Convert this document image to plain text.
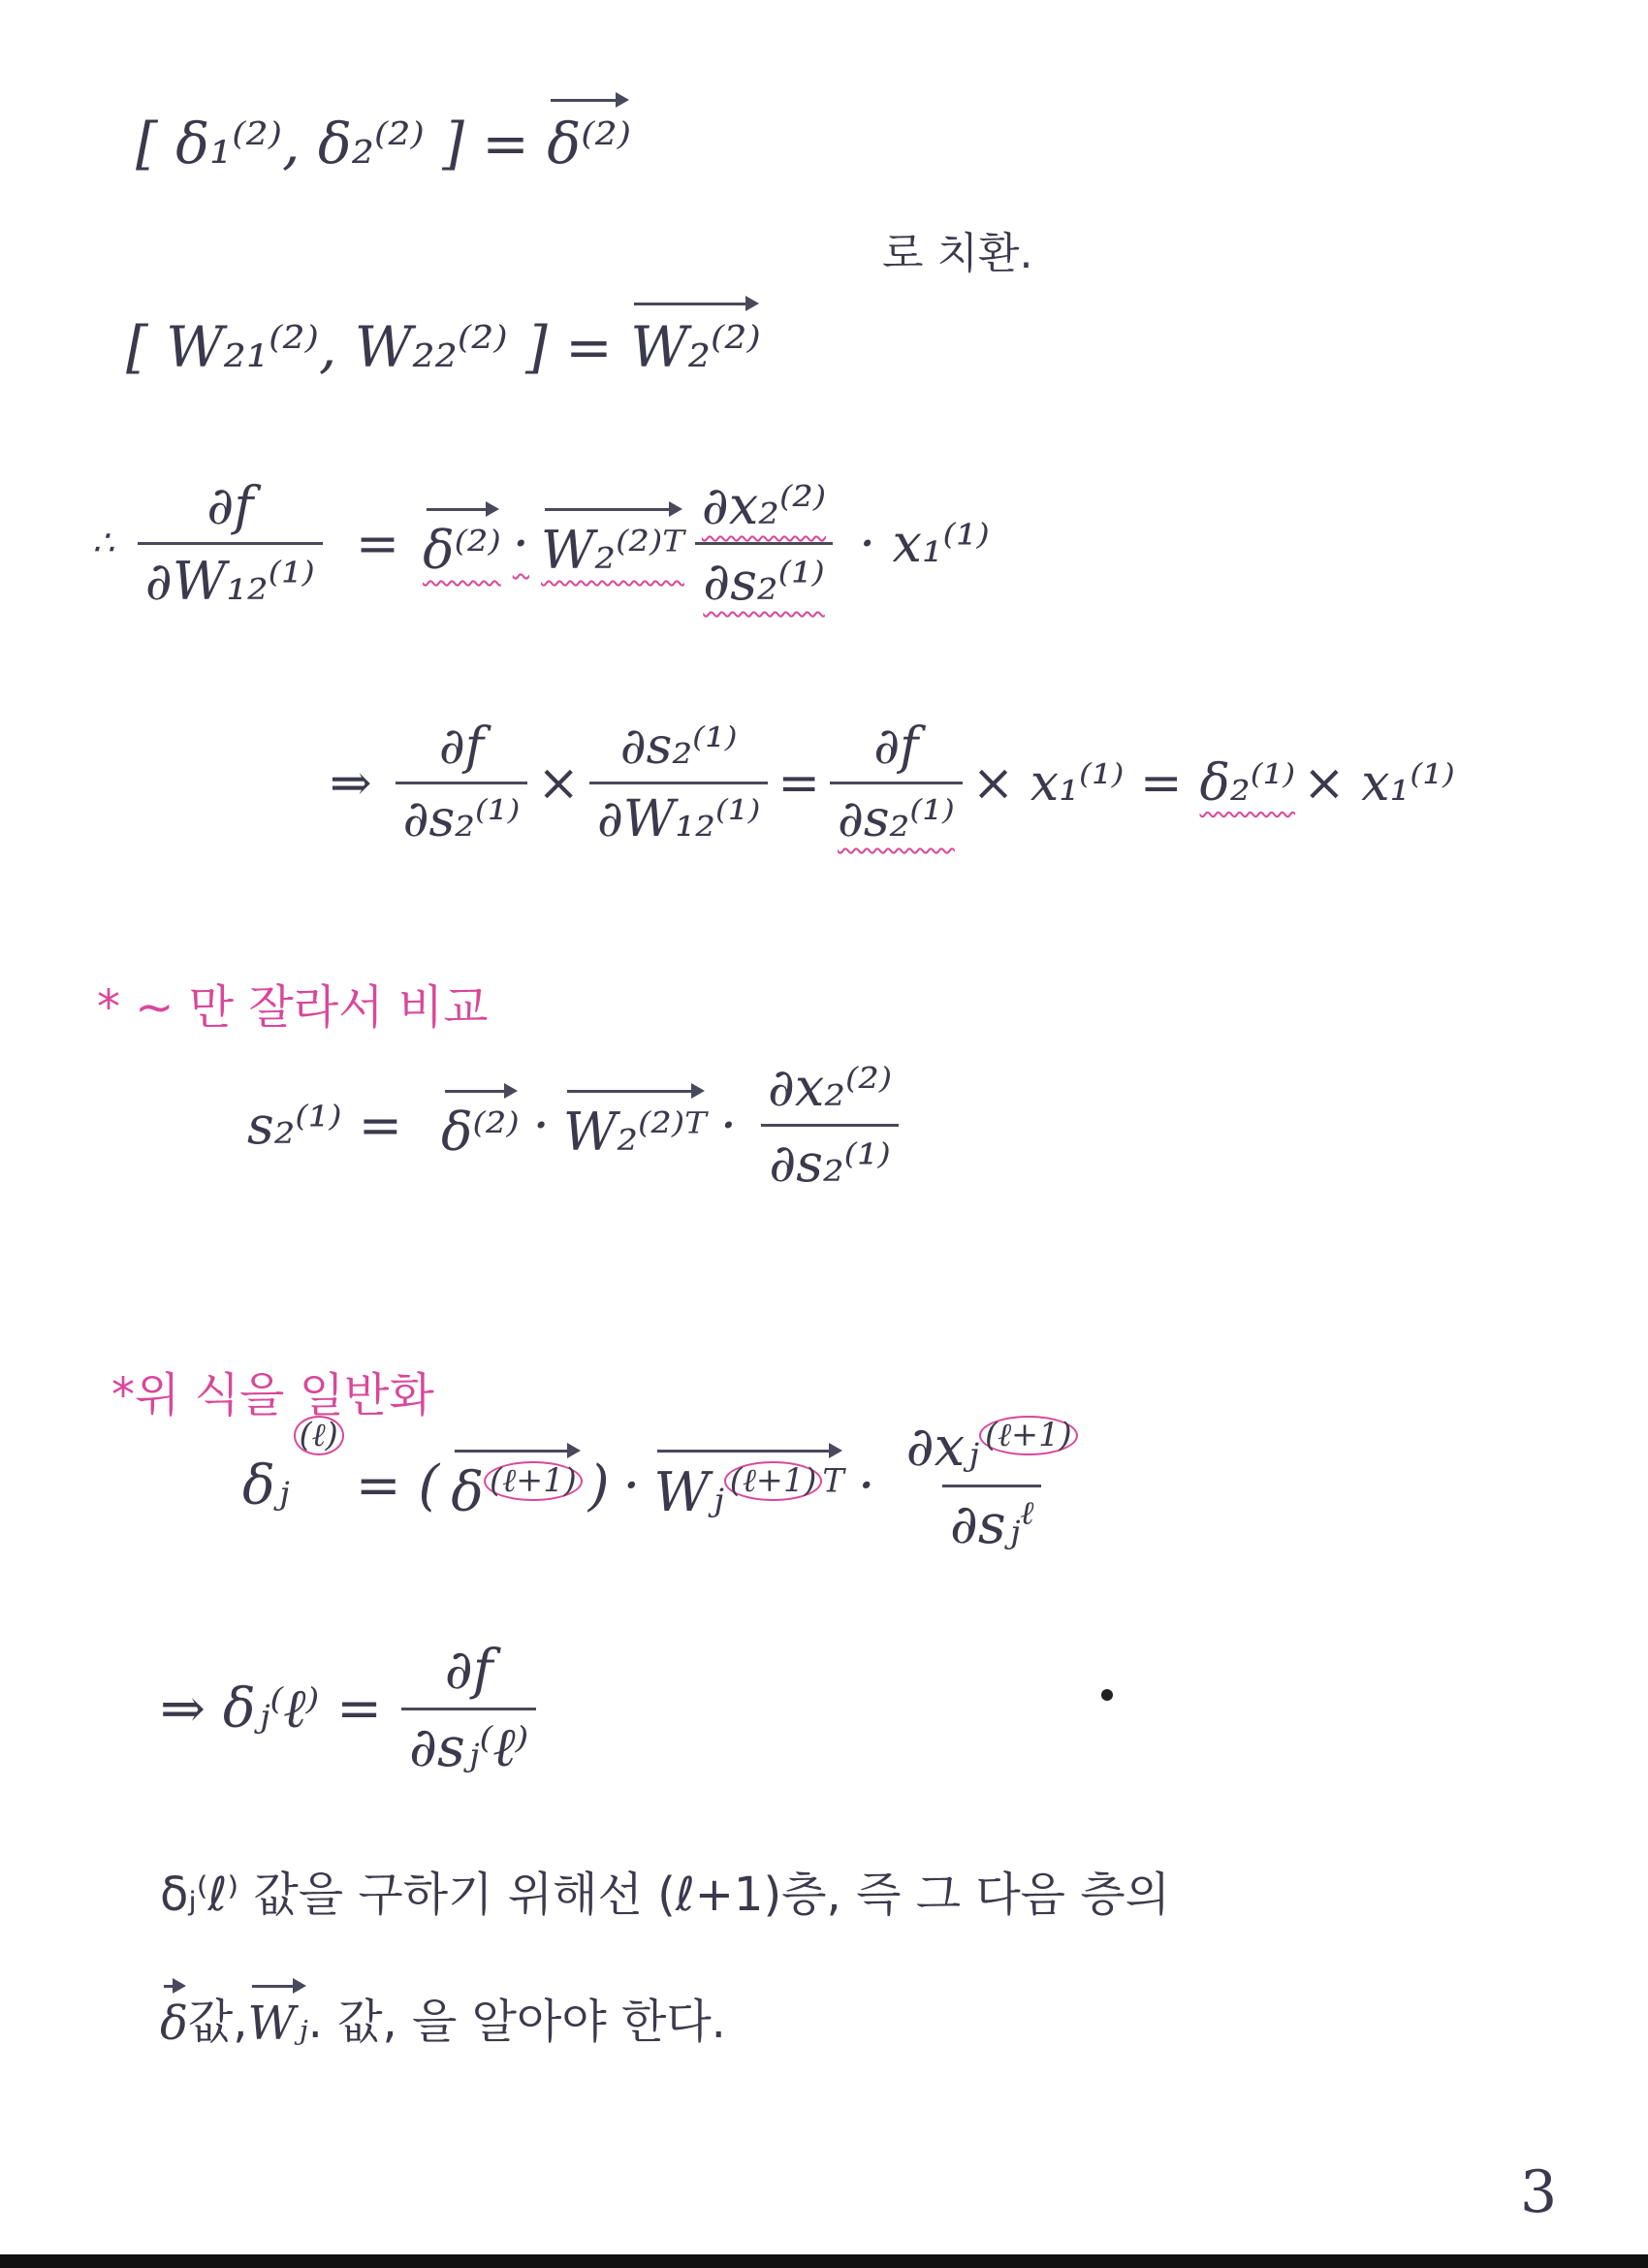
[ δ₁⁽²⁾, δ₂⁽²⁾ ] = δ⁽²⁾
로 치환.
[ W₂₁⁽²⁾, W₂₂⁽²⁾ ] = W₂⁽²⁾
∴ $\frac{\partial f}{\text{∂W₁₂⁽¹⁾}} = \delta^{(2)}$ · W₂⁽²⁾ᵀ $\frac{\text{∂x₂⁽²⁾}}{\text{∂s₂⁽¹⁾}} \cdot x_1^{(1)}$
⇒ $\frac{\partial f}{\text{∂s₂⁽¹⁾}} \times \frac{\text{∂s₂⁽¹⁾}}{\text{∂W₁₂⁽¹⁾}} = \frac{\partial f}{\text{∂s₂⁽¹⁾}} \times x_1^{(1)} = \delta_2^{(1)} \times x_1^{(1)}$
* ∼ 만 잘라서 비교
s₂⁽¹⁾ = δ⁽²⁾ · W₂⁽²⁾ᵀ · $\frac{\text{∂x₂⁽²⁾}}{\text{∂s₂⁽¹⁾}}$
*위 식을 일반화
δⱼ
$^{(\ell)}$
= ( δ $^{(\ell+1)}$ ) · Wⱼ $^{(\ell+1)}$ $^T \cdot \frac{\partial xⱼ ^{(\ell+1)}}{\partial sⱼ^\ell}$
⇒ δⱼ⁽ℓ⁾ = $\frac{\partial f}{\text{∂sⱼ⁽ℓ⁾}}$
δⱼ⁽ℓ⁾ 값을 구하기 위해선 (ℓ+1)층, 즉 그 다음 층의
δ 값, Wⱼ . 값, 을 알아야 한다.
3
